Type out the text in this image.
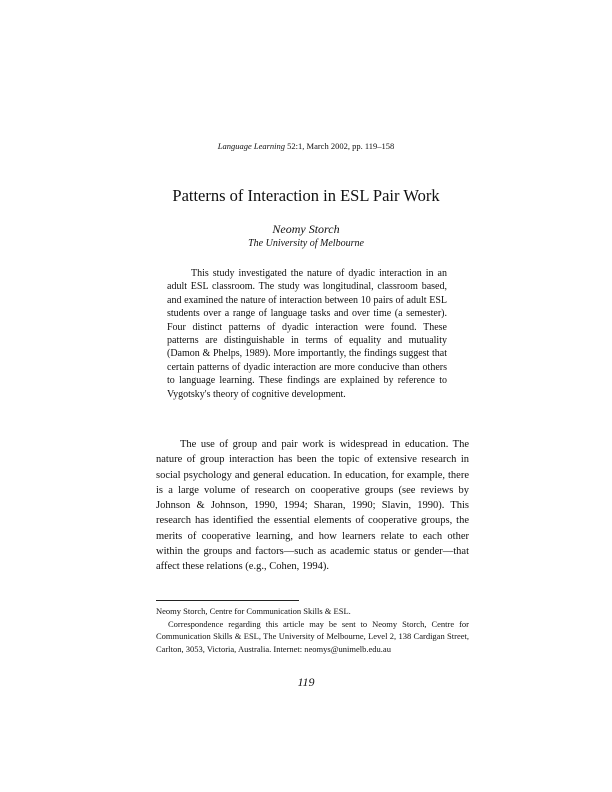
Language Learning 52:1, March 2002, pp. 119–158
Patterns of Interaction in ESL Pair Work
Neomy Storch
The University of Melbourne

This study investigated the nature of dyadic interaction in an adult ESL classroom. The study was longitudinal, classroom based, and examined the nature of interaction between 10 pairs of adult ESL students over a range of language tasks and over time (a semester). Four distinct patterns of dyadic interaction were found. These patterns are distinguishable in terms of equality and mutuality (Damon & Phelps, 1989). More importantly, the findings suggest that certain patterns of dyadic interaction are more conducive than others to language learning. These findings are explained by reference to Vygotsky's theory of cognitive development.

The use of group and pair work is widespread in education. The nature of group interaction has been the topic of extensive research in social psychology and general education. In education, for example, there is a large volume of research on cooperative groups (see reviews by Johnson & Johnson, 1990, 1994; Sharan, 1990; Slavin, 1990). This research has identified the essential elements of cooperative groups, the merits of cooperative learning, and how learners relate to each other within the groups and factors—such as academic status or gender—that affect these relations (e.g., Cohen, 1994).

Neomy Storch, Centre for Communication Skills & ESL.

Correspondence regarding this article may be sent to Neomy Storch, Centre for Communication Skills & ESL, The University of Melbourne, Level 2, 138 Cardigan Street, Carlton, 3053, Victoria, Australia. Internet: neomys@unimelb.edu.au

119
